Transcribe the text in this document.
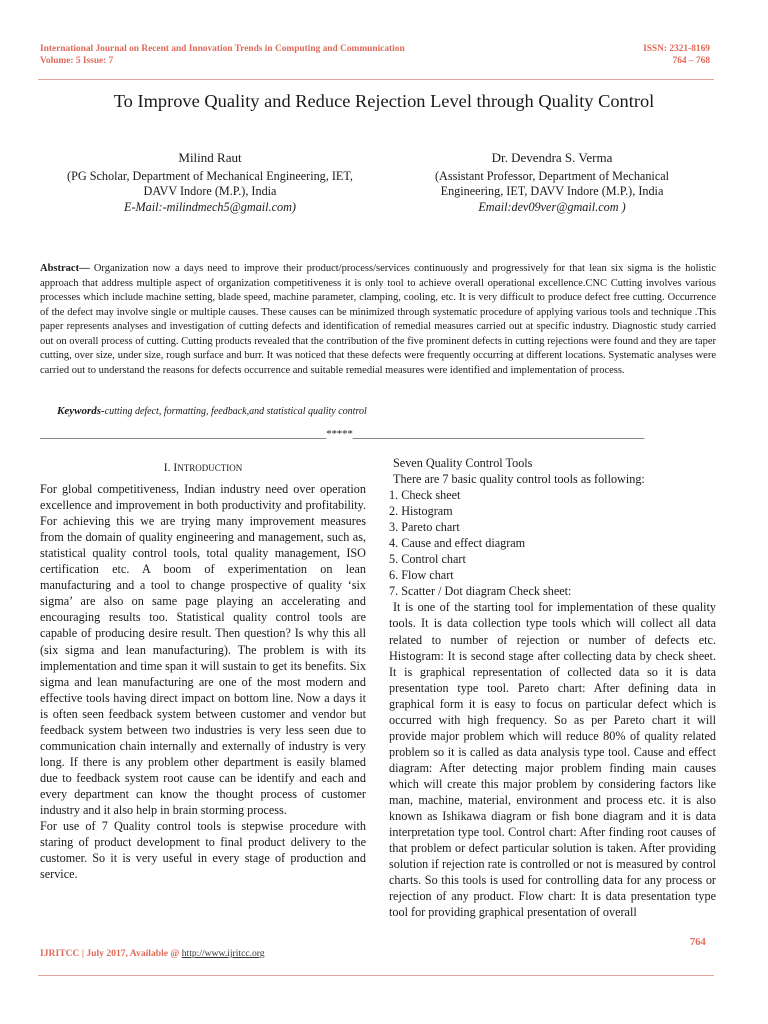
International Journal on Recent and Innovation Trends in Computing and Communication
Volume: 5 Issue: 7
ISSN: 2321-8169
764 – 768
To Improve Quality and Reduce Rejection Level through Quality Control
Milind Raut
(PG Scholar, Department of Mechanical Engineering, IET,
DAVV Indore (M.P.), India
E-Mail:-milindmech5@gmail.com)
Dr. Devendra S. Verma
(Assistant Professor, Department of Mechanical
Engineering, IET, DAVV Indore (M.P.), India
Email:dev09ver@gmail.com )
Abstract— Organization now a days need to improve their product/process/services continuously and progressively for that lean six sigma is the holistic approach that address multiple aspect of organization competitiveness it is only tool to achieve overall operational excellence.CNC Cutting involves various processes which include machine setting, blade speed, machine parameter, clamping, cooling, etc. It is very difficult to produce defect free cutting. Occurrence of the defect may involve single or multiple causes. These causes can be minimized through systematic procedure of applying various tools and technique .This paper represents analyses and investigation of cutting defects and identification of remedial measures carried out at specific industry. Diagnostic study carried out on overall process of cutting. Cutting products revealed that the contribution of the five prominent defects in cutting rejections were found and they are taper cutting, over size, under size, rough surface and burr. It was noticed that these defects were frequently occurring at different locations. Systematic analyses were carried out to understand the reasons for defects occurrence and suitable remedial measures were identified and implementation of process.
Keywords-cutting defect, formatting, feedback,and statistical quality control
______________________________________________________*****_______________________________________________________
I. INTRODUCTION

For global competitiveness, Indian industry need over operation excellence and improvement in both productivity and profitability. For achieving this we are trying many improvement measures from the domain of quality engineering and management, such as, statistical quality control tools, total quality management, ISO certification etc. A boom of experimentation on lean manufacturing and a tool to change prospective of quality ‘six sigma’ are also on same page playing an accelerating and encouraging results too. Statistical quality control tools are capable of producing desire result. Then question? Is why this all (six sigma and lean manufacturing). The problem is with its implementation and time span it will sustain to get its benefits. Six sigma and lean manufacturing are one of the most modern and effective tools having direct impact on bottom line. Now a days it is often seen feedback system between customer and vendor but feedback system between two industries is very less seen due to communication chain internally and externally of industry is very long. If there is any problem other department is easily blamed due to feedback system root cause can be identify and each and every department can know the thought process of customer industry and it also help in brain storming process.

For use of 7 Quality control tools is stepwise procedure with staring of product development to final product delivery to the customer. So it is very useful in every stage of production and service.

Seven Quality Control Tools
There are 7 basic quality control tools as following:
1. Check sheet
2. Histogram
3. Pareto chart
4. Cause and effect diagram
5. Control chart
6. Flow chart
7. Scatter / Dot diagram Check sheet:

It is one of the starting tool for implementation of these quality tools. It is data collection type tools which will collect all data related to number of rejection or number of defects etc. Histogram: It is second stage after collecting data by check sheet. It is graphical representation of collected data so it is data presentation type tool. Pareto chart: After defining data in graphical form it is easy to focus on particular defect which is occurred with high frequency. So as per Pareto chart it will provide major problem which will reduce 80% of quality related problem so it is called as data analysis type tool. Cause and effect diagram: After detecting major problem finding main causes which will create this major problem by considering factors like man, machine, material, environment and process etc. it is also known as Ishikawa diagram or fish bone diagram and it is data interpretation type tool. Control chart: After finding root causes of that problem or defect particular solution is taken. After providing solution if rejection rate is controlled or not is measured by control charts. So this tools is used for controlling data for any process or rejection of any product. Flow chart: It is data presentation type tool for providing graphical presentation of overall

764
IJRITCC | July 2017, Available @ http://www.ijritcc.org
